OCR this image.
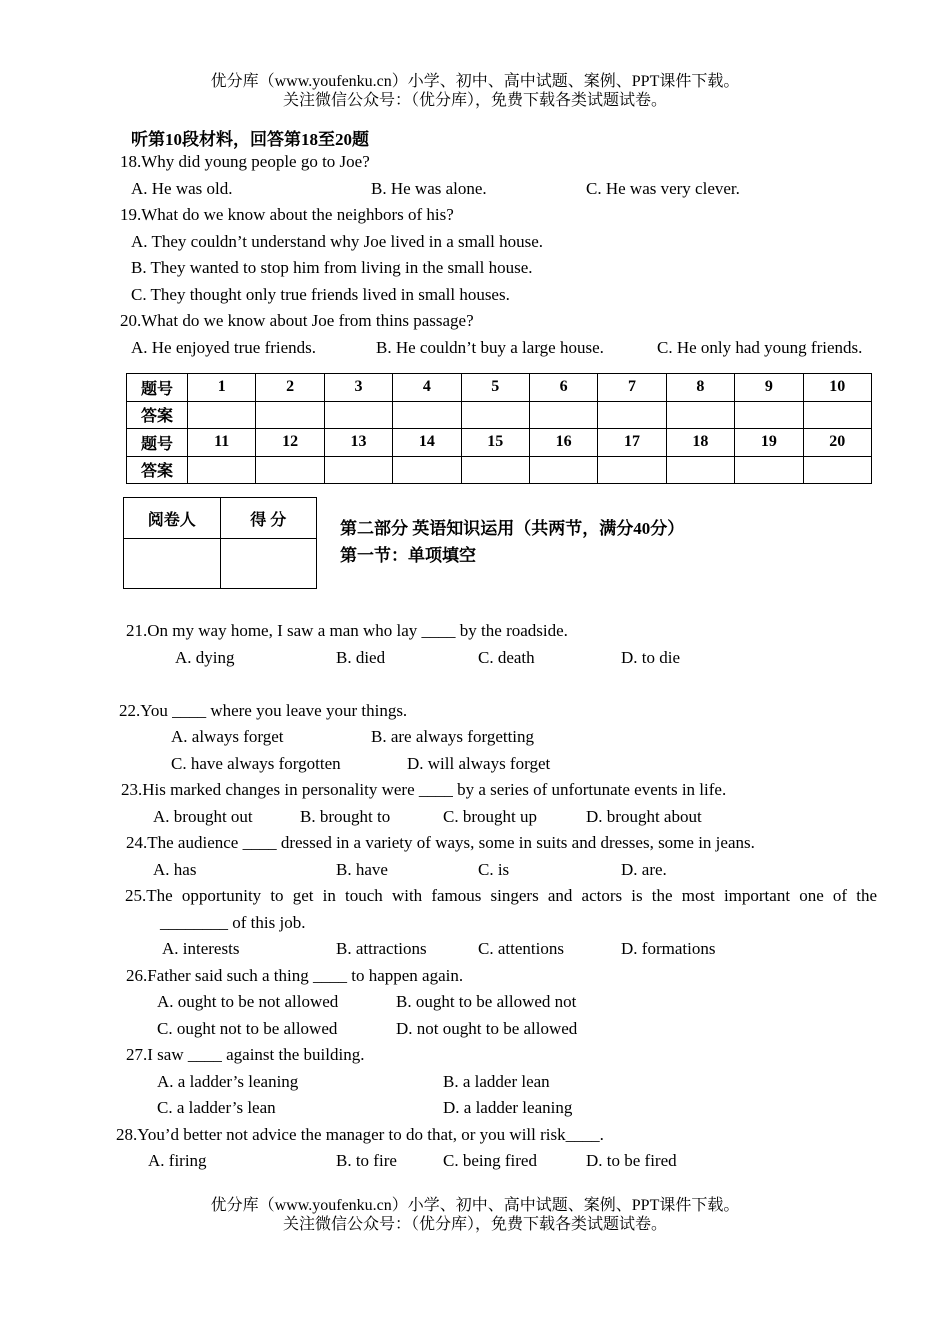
优分库（www.youfenku.cn）小学、初中、高中试题、案例、PPT课件下载。
关注微信公众号：（优分库），免费下载各类试题试卷。
听第10段材料，回答第18至20题
18.Why did young people go to Joe?
A. He was old.	B. He was alone.	C. He was very clever.
19.What do we know about the neighbors of his?
A. They couldn’t understand why Joe lived in a small house.
B. They wanted to stop him from living in the small house.
C. They thought only true friends lived in small houses.
20.What do we know about Joe from thins passage?
A. He enjoyed true friends.	B. He couldn’t buy a large house.	C. He only had young friends.
题号	1	2	3	4	5	6	7	8	9	10
答案										
题号	11	12	13	14	15	16	17	18	19	20
答案										
阅卷人	得 分
		第二部分 英语知识运用（共两节，满分40分）
第一节：单项填空
21.On my way home, I saw a man who lay ____ by the roadside.
A. dying	B. died	C. death	D. to die
22.You ____ where you leave your things.
A. always forget	B. are always forgetting
C. have always forgotten	D. will always forget
23.His marked changes in personality were ____ by a series of unfortunate events in life.
A. brought out	B. brought to	C. brought up	D. brought about
24.The audience ____ dressed in a variety of ways, some in suits and dresses, some in jeans.
A. has	B. have	C. is	D. are.
25.The opportunity to get in touch with famous singers and actors is the most important one of the
________ of this job.
A. interests	B. attractions	C. attentions	D. formations
26.Father said such a thing ____ to happen again.
A. ought to be not allowed	B. ought to be allowed not
C. ought not to be allowed	D. not ought to be allowed
27.I saw ____ against the building.
A. a ladder’s leaning	B. a ladder lean
C. a ladder’s lean	D. a ladder leaning
28.You’d better not advice the manager to do that, or you will risk____.
A. firing	B. to fire	C. being fired	D. to be fired
优分库（www.youfenku.cn）小学、初中、高中试题、案例、PPT课件下载。
关注微信公众号：（优分库），免费下载各类试题试卷。
